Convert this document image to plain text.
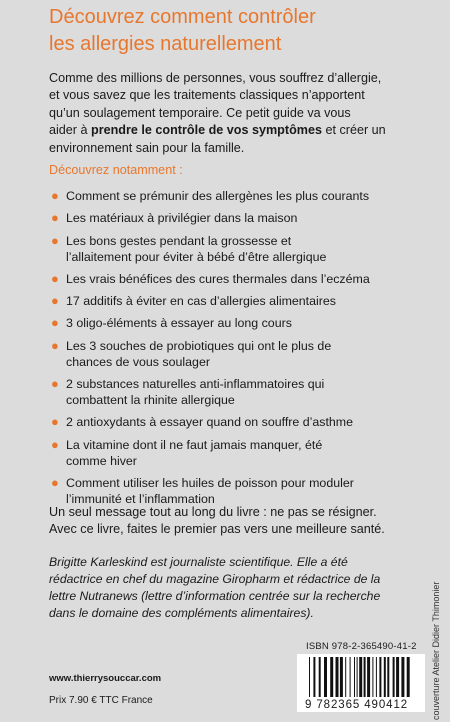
Découvrez comment contrôler
les allergies naturellement
Comme des millions de personnes, vous souffrez d’allergie,
et vous savez que les traitements classiques n’apportent
qu’un soulagement temporaire. Ce petit guide va vous
aider à prendre le contrôle de vos symptômes et créer un
environnement sain pour la famille.
Découvrez notamment :
● Comment se prémunir des allergènes les plus courants
● Les matériaux à privilégier dans la maison
● Les bons gestes pendant la grossesse et
l’allaitement pour éviter à bébé d’être allergique
● Les vrais bénéfices des cures thermales dans l’eczéma
● 17 additifs à éviter en cas d’allergies alimentaires
● 3 oligo-éléments à essayer au long cours
● Les 3 souches de probiotiques qui ont le plus de
chances de vous soulager
● 2 substances naturelles anti-inflammatoires qui
combattent la rhinite allergique
● 2 antioxydants à essayer quand on souffre d’asthme
● La vitamine dont il ne faut jamais manquer, été
comme hiver
● Comment utiliser les huiles de poisson pour moduler
l’immunité et l’inflammation
Un seul message tout au long du livre : ne pas se résigner.
Avec ce livre, faites le premier pas vers une meilleure santé.
Brigitte Karleskind est journaliste scientifique. Elle a été
rédactrice en chef du magazine Giropharm et rédactrice de la
lettre Nutranews (lettre d’information centrée sur la recherche
dans le domaine des compléments alimentaires).	couverture Atelier Didier Thimonier
ISBN 978-2-365490-41-2
9 782365 490412
www.thierrysouccar.com
Prix 7.90 € TTC France
